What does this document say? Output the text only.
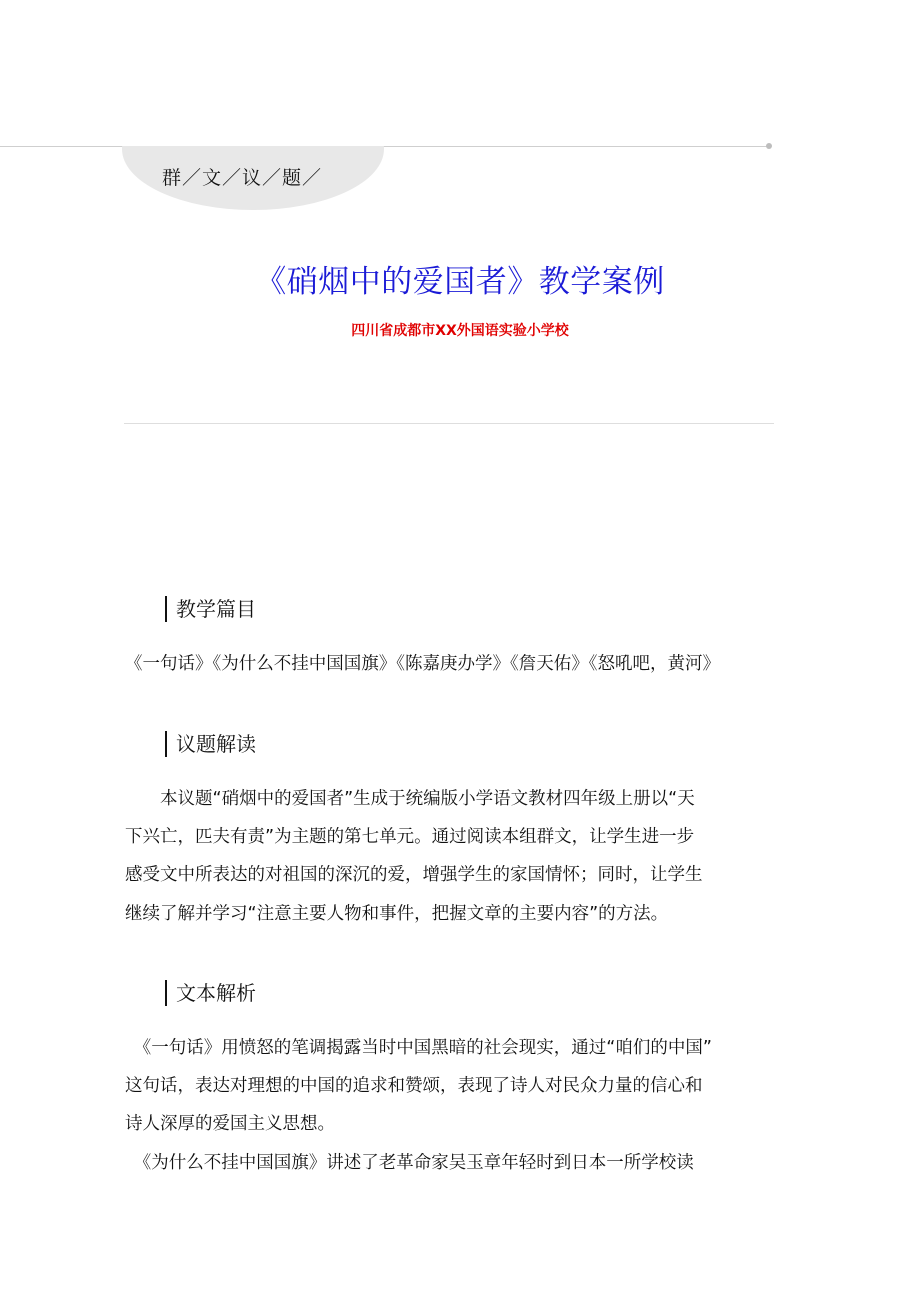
群／文／议／题／
《硝烟中的爱国者》教学案例
四川省成都市XX外国语实验小学校
教学篇目
《一句话》《为什么不挂中国国旗》《陈嘉庚办学》《詹天佑》《怒吼吧，黄河》
议题解读
　　本议题“硝烟中的爱国者”生成于统编版小学语文教材四年级上册以“天
下兴亡，匹夫有责”为主题的第七单元。通过阅读本组群文，让学生进一步
感受文中所表达的对祖国的深沉的爱，增强学生的家国情怀；同时，让学生
继续了解并学习“注意主要人物和事件，把握文章的主要内容”的方法。
文本解析
　《一句话》用愤怒的笔调揭露当时中国黑暗的社会现实，通过“咱们的中国”
这句话，表达对理想的中国的追求和赞颂，表现了诗人对民众力量的信心和
诗人深厚的爱国主义思想。
　《为什么不挂中国国旗》讲述了老革命家吴玉章年轻时到日本一所学校读
